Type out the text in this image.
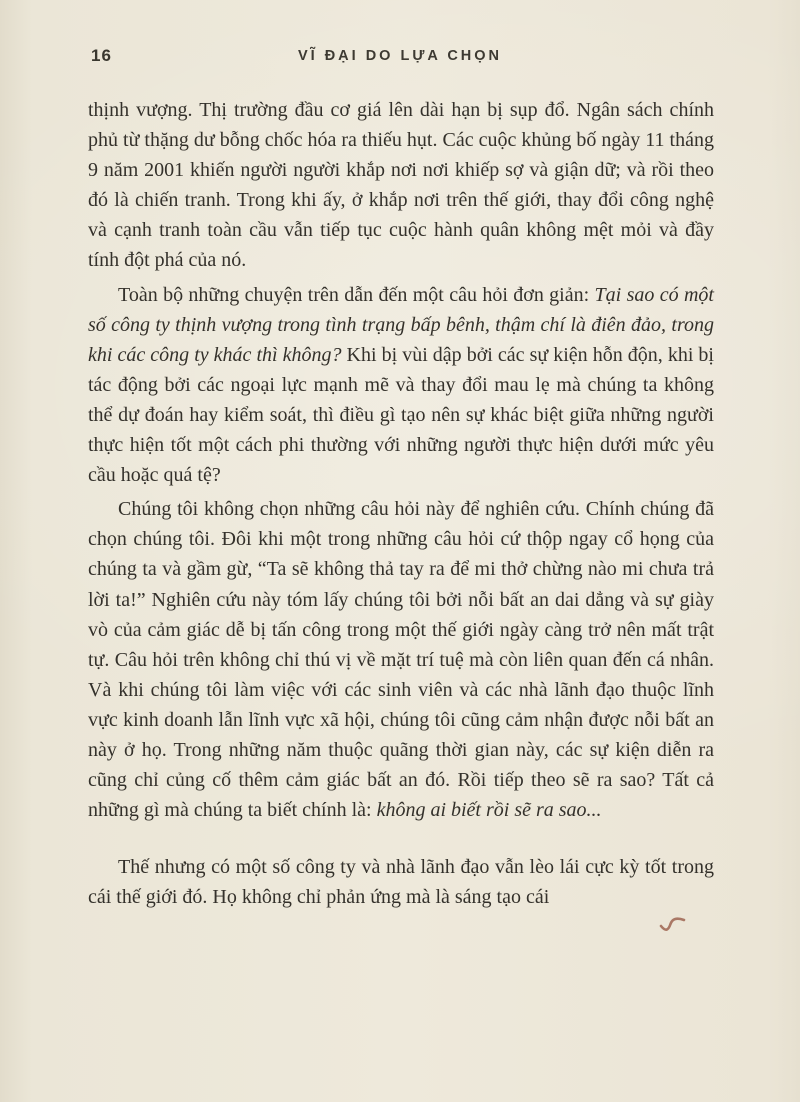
16	VĨ ĐẠI DO LỰA CHỌN

thịnh vượng. Thị trường đầu cơ giá lên dài hạn bị sụp đổ. Ngân sách chính phủ từ thặng dư bỗng chốc hóa ra thiếu hụt. Các cuộc khủng bố ngày 11 tháng 9 năm 2001 khiến người người khắp nơi nơi khiếp sợ và giận dữ; và rồi theo đó là chiến tranh. Trong khi ấy, ở khắp nơi trên thế giới, thay đổi công nghệ và cạnh tranh toàn cầu vẫn tiếp tục cuộc hành quân không mệt mỏi và đầy tính đột phá của nó.

Toàn bộ những chuyện trên dẫn đến một câu hỏi đơn giản: Tại sao có một số công ty thịnh vượng trong tình trạng bấp bênh, thậm chí là điên đảo, trong khi các công ty khác thì không? Khi bị vùi dập bởi các sự kiện hỗn độn, khi bị tác động bởi các ngoại lực mạnh mẽ và thay đổi mau lẹ mà chúng ta không thể dự đoán hay kiểm soát, thì điều gì tạo nên sự khác biệt giữa những người thực hiện tốt một cách phi thường với những người thực hiện dưới mức yêu cầu hoặc quá tệ?

Chúng tôi không chọn những câu hỏi này để nghiên cứu. Chính chúng đã chọn chúng tôi. Đôi khi một trong những câu hỏi cứ thộp ngay cổ họng của chúng ta và gầm gừ, “Ta sẽ không thả tay ra để mi thở chừng nào mi chưa trả lời ta!” Nghiên cứu này tóm lấy chúng tôi bởi nỗi bất an dai dẳng và sự giày vò của cảm giác dễ bị tấn công trong một thế giới ngày càng trở nên mất trật tự. Câu hỏi trên không chỉ thú vị về mặt trí tuệ mà còn liên quan đến cá nhân. Và khi chúng tôi làm việc với các sinh viên và các nhà lãnh đạo thuộc lĩnh vực kinh doanh lẫn lĩnh vực xã hội, chúng tôi cũng cảm nhận được nỗi bất an này ở họ. Trong những năm thuộc quãng thời gian này, các sự kiện diễn ra cũng chỉ củng cố thêm cảm giác bất an đó. Rồi tiếp theo sẽ ra sao? Tất cả những gì mà chúng ta biết chính là: không ai biết rồi sẽ ra sao...

Thế nhưng có một số công ty và nhà lãnh đạo vẫn lèo lái cực kỳ tốt trong cái thế giới đó. Họ không chỉ phản ứng mà là sáng tạo cái
